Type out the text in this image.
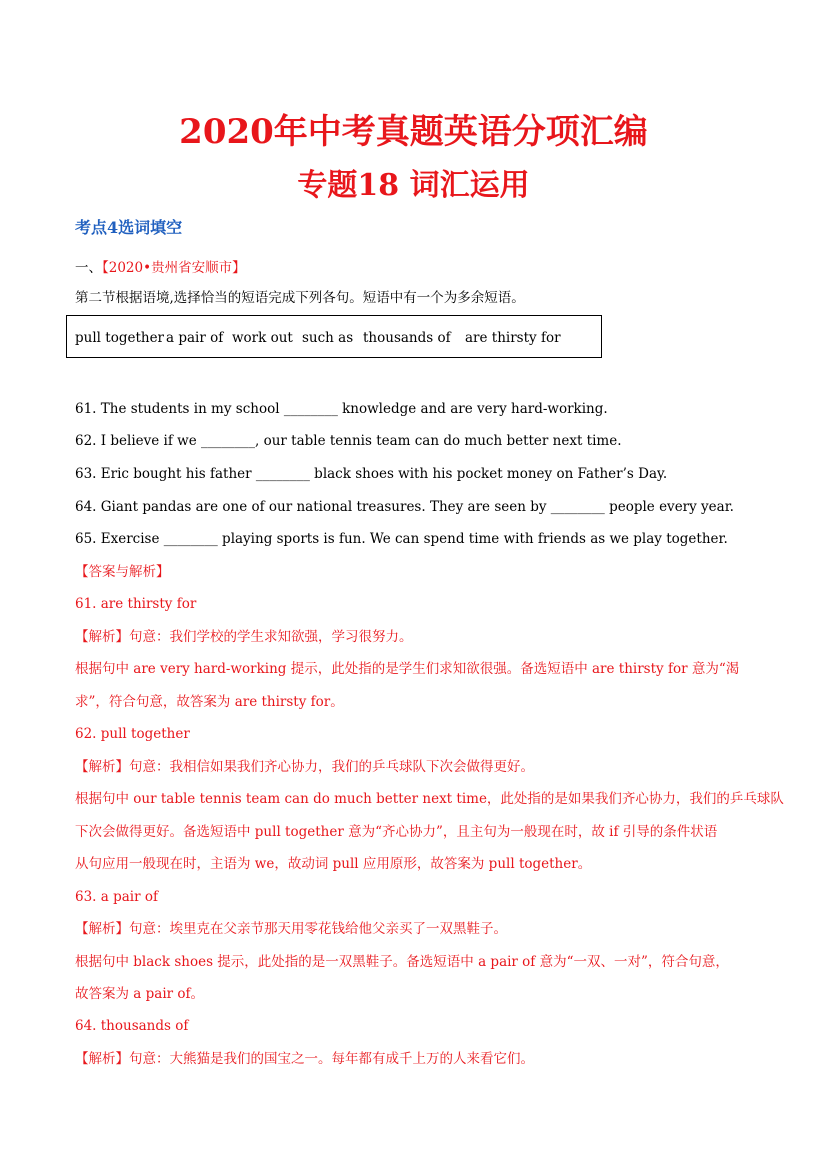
2020年中考真题英语分项汇编
专题18 词汇运用
考点4选词填空
一、【2020•贵州省安顺市】
第二节根据语境,选择恰当的短语完成下列各句。短语中有一个为多余短语。
pull together a pair of work out such as thousands of are thirsty for
61. The students in my school ________ knowledge and are very hard-working.
62. I believe if we ________, our table tennis team can do much better next time.
63. Eric bought his father ________ black shoes with his pocket money on Father’s Day.
64. Giant pandas are one of our national treasures. They are seen by ________ people every year.
65. Exercise ________ playing sports is fun. We can spend time with friends as we play together.
【答案与解析】
61. are thirsty for
【解析】句意：我们学校的学生求知欲强，学习很努力。
根据句中 are very hard-working 提示，此处指的是学生们求知欲很强。备选短语中 are thirsty for 意为“渴
求”，符合句意，故答案为 are thirsty for。
62. pull together
【解析】句意：我相信如果我们齐心协力，我们的乒乓球队下次会做得更好。
根据句中 our table tennis team can do much better next time，此处指的是如果我们齐心协力，我们的乒乓球队
下次会做得更好。备选短语中 pull together 意为“齐心协力”，且主句为一般现在时，故 if 引导的条件状语
从句应用一般现在时，主语为 we，故动词 pull 应用原形，故答案为 pull together。
63. a pair of
【解析】句意：埃里克在父亲节那天用零花钱给他父亲买了一双黑鞋子。
根据句中 black shoes 提示，此处指的是一双黑鞋子。备选短语中 a pair of 意为“一双、一对”，符合句意，
故答案为 a pair of。
64. thousands of
【解析】句意：大熊猫是我们的国宝之一。每年都有成千上万的人来看它们。
